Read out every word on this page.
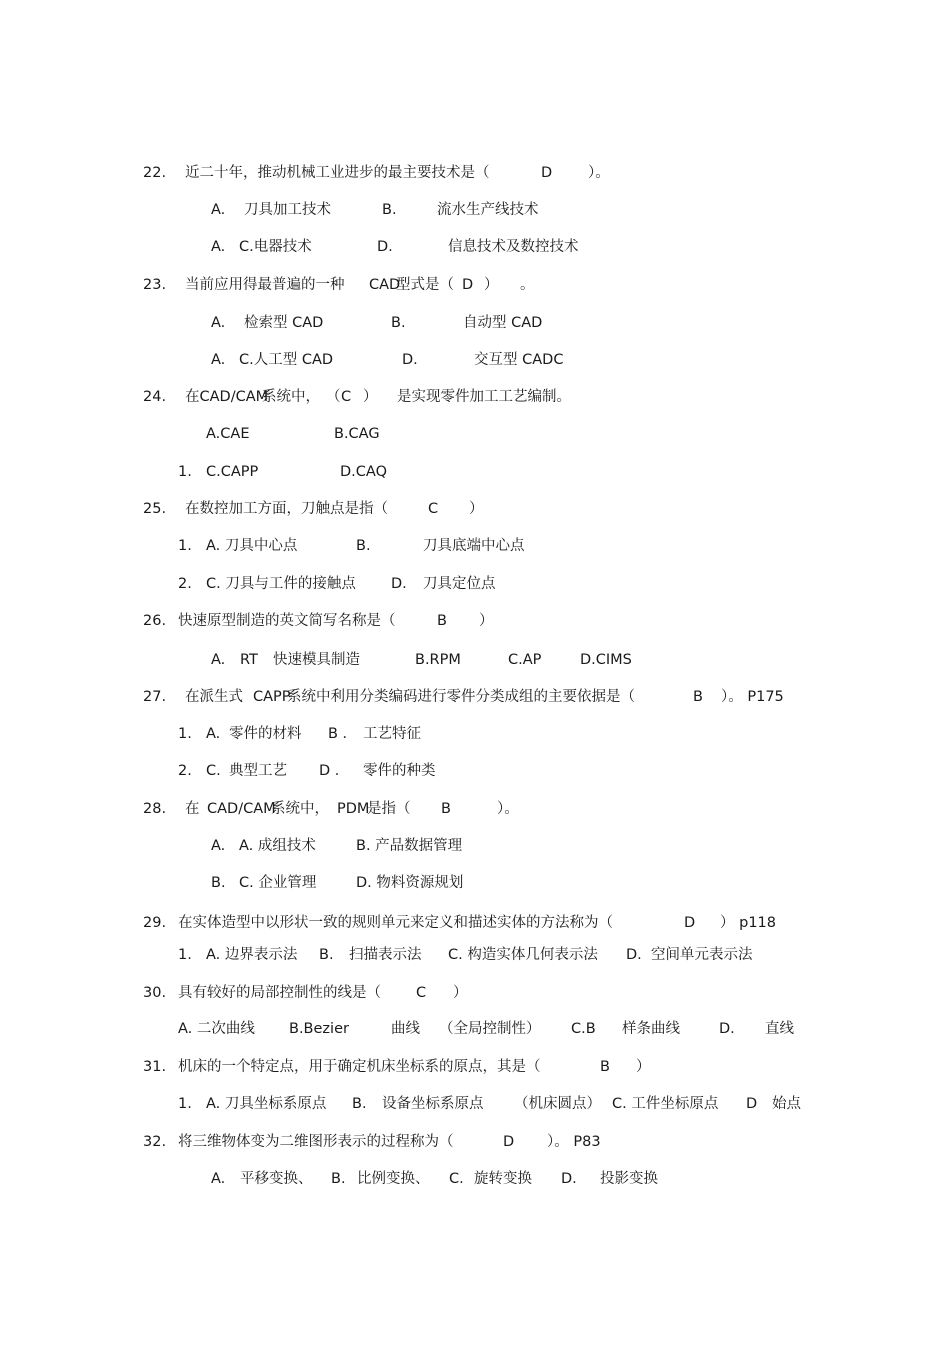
22. 近二十年，推动机械工业进步的最主要技术是（	D ）。
A. 刀具加工技术	B.	流水生产线技术
A. C.电器技术	D.	信息技术及数控技术
23. 当前应用得最普遍的一种 CAD
型式是（ D ） 。
A. 检索型 CAD	B.	自动型 CAD
A. C.人工型 CAD	D.	交互型 CADC
24. 在CAD/CAM
系统中， （ C ） 是实现零件加工工艺编制。
A.CAE	B.CAG
1. C.CAPP	D.CAQ
25. 在数控加工方面，刀触点是指（	C ）
1. A. 刀具中心点	B.	刀具底端中心点
2. C. 刀具与工件的接触点 D. 刀具定位点
26. 快速原型制造的英文简写名称是（	B ）
A. RT 快速模具制造	B.RPM	C.AP	D.CIMS
27. 在派生式 CAPP
系统中利用分类编码进行零件分类成组的主要依据是（	B ）。 P175
1. A. 零件的材料 B ． 工艺特征
2. C. 典型工艺 D ． 零件的种类
28. 在 CAD/CAM
系统中， PDM
是指（ B	）。
A. A. 成组技术	B. 产品数据管理
B. C. 企业管理	D. 物料资源规划
29. 在实体造型中以形状一致的规则单元来定义和描述实体的方法称为（	D ） p118
1. A. 边界表示法 B. 扫描表示法 C. 构造实体几何表示法 D. 空间单元表示法
30. 具有较好的局部控制性的线是（ C ）
A. 二次曲线 B.Bezier	曲线 （全局控制性） C.B 样条曲线	D. 直线
31. 机床的一个特定点，用于确定机床坐标系的原点，其是（	B ）
1. A. 刀具坐标系原点 B. 设备坐标系原点 （机床圆点） C. 工件坐标原点 D 始点
32. 将三维物体变为二维图形表示的过程称为（	D ）。 P83
A. 平移变换、 B. 比例变换、 C. 旋转变换 D. 投影变换
